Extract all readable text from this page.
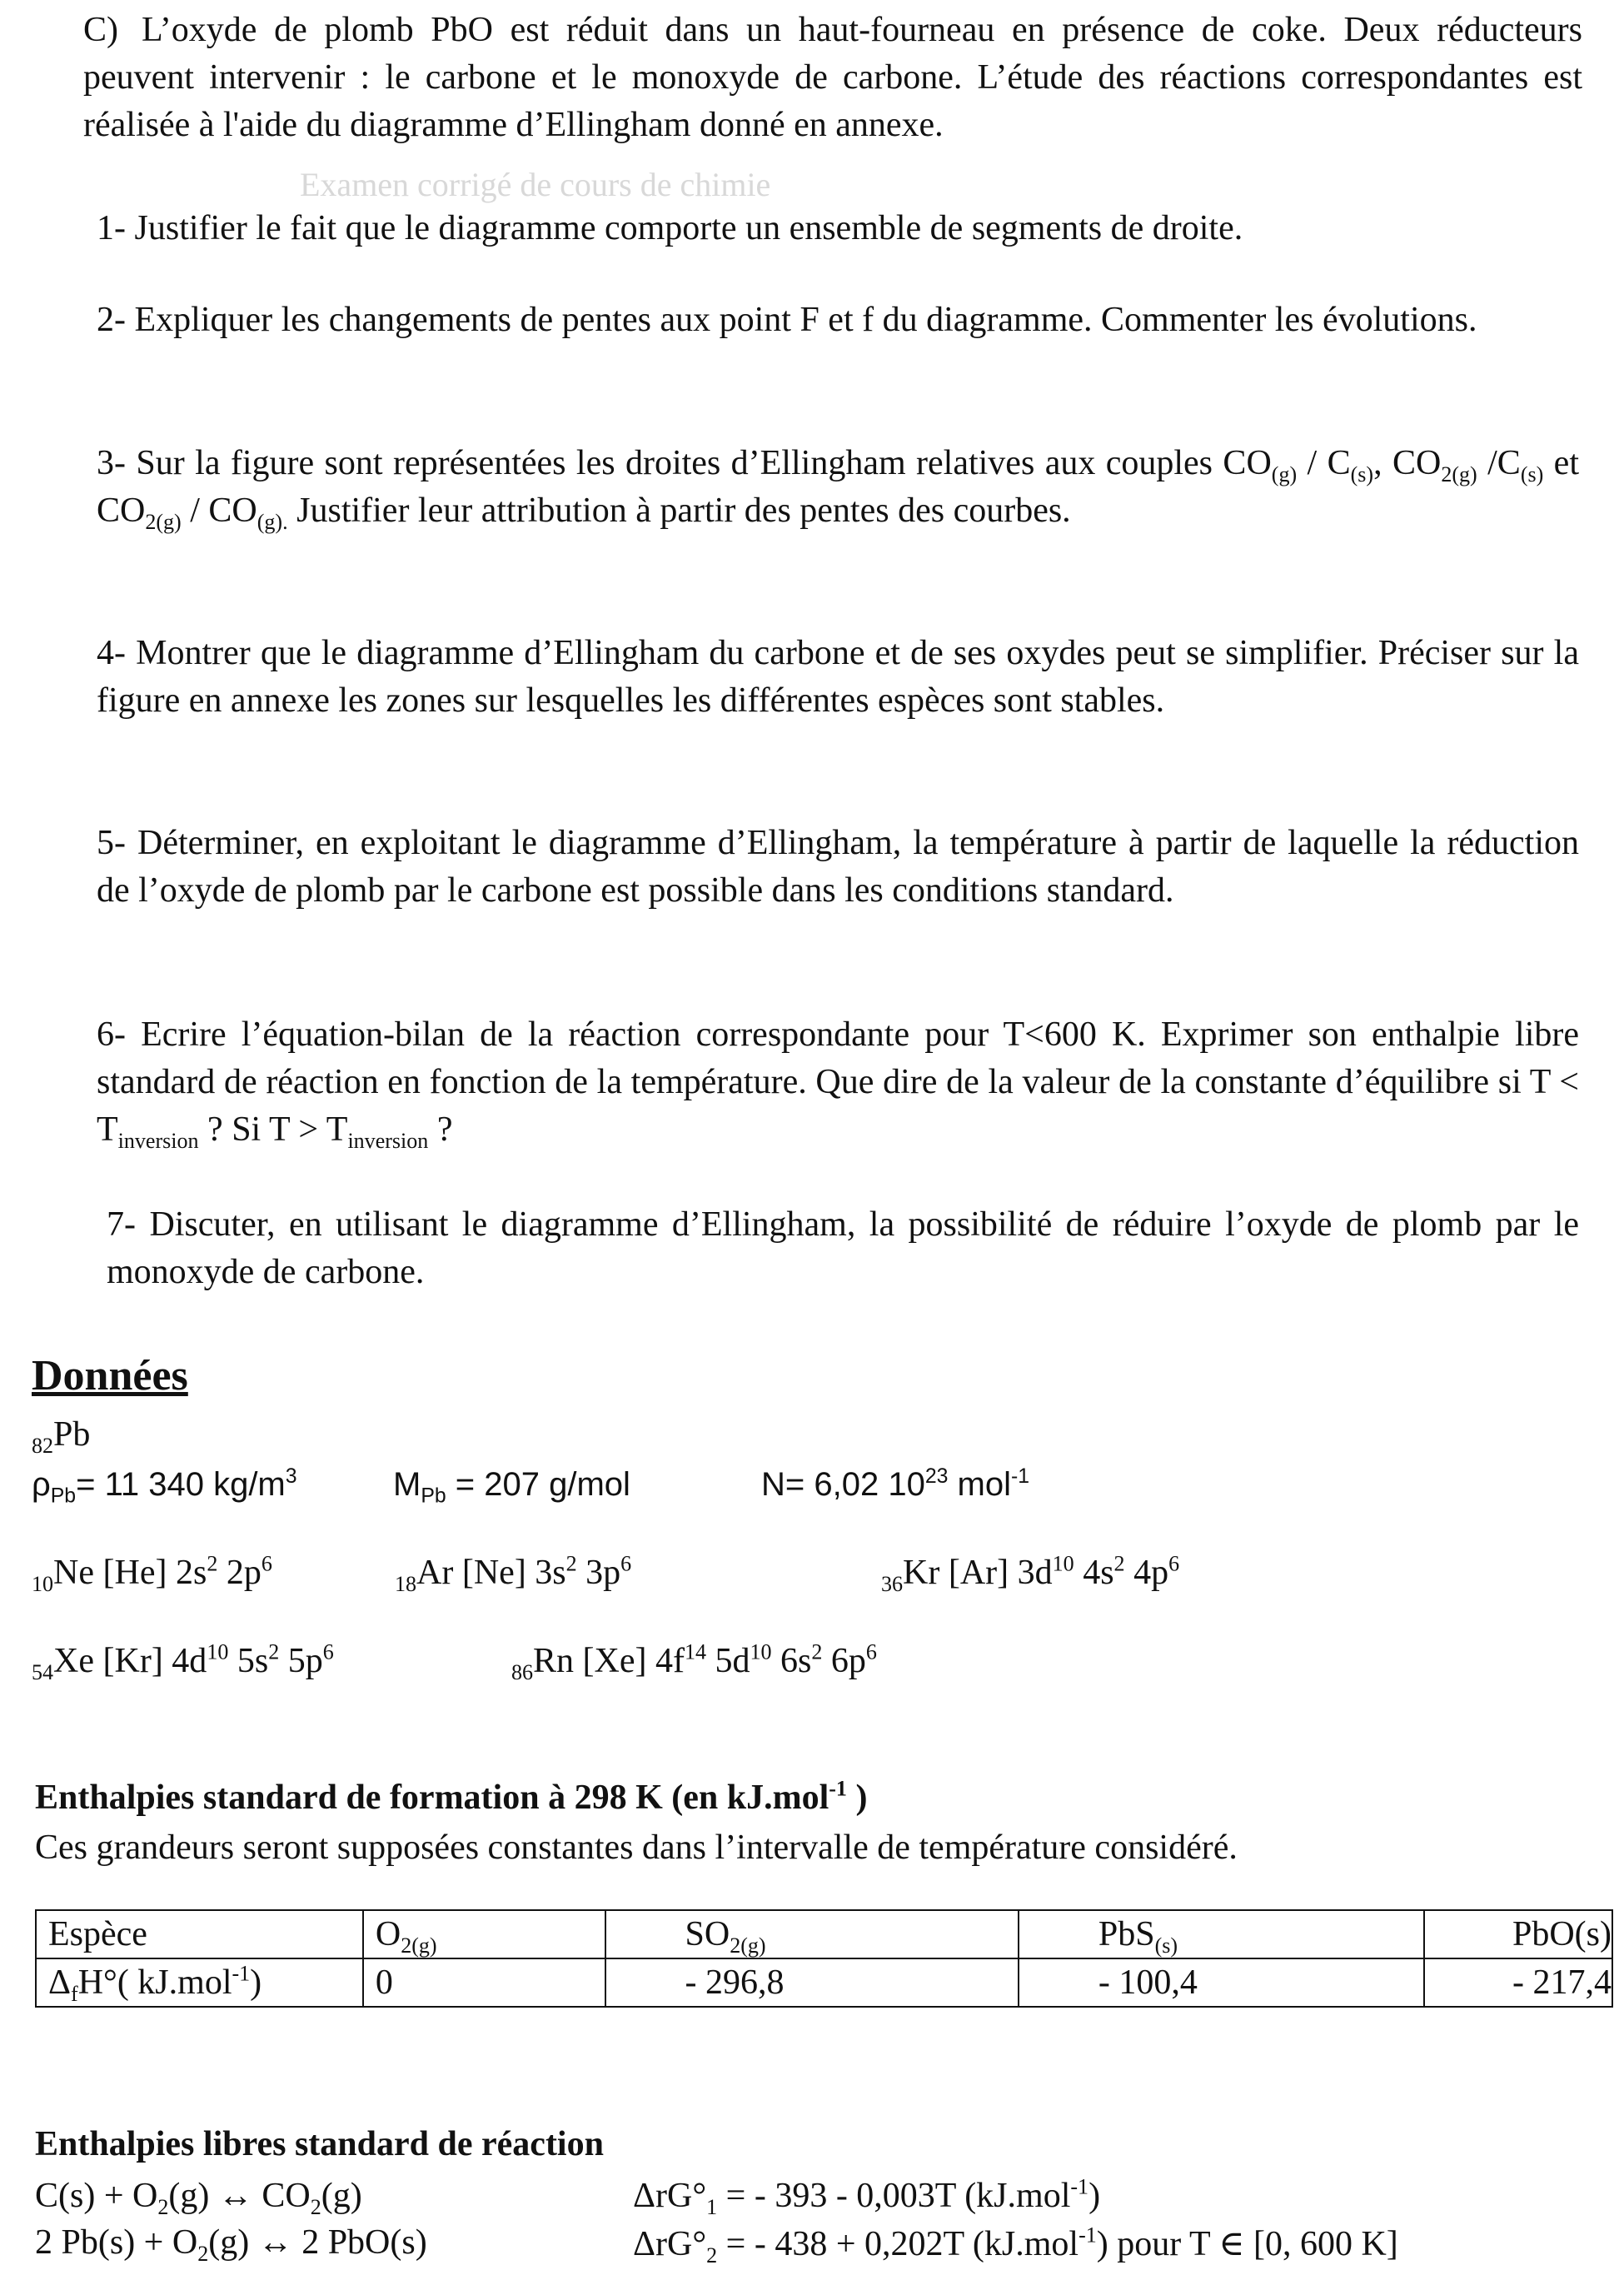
Examen corrigé de cours de chimie
C) L’oxyde de plomb PbO est réduit dans un haut-fourneau en présence de coke. Deux réducteurs peuvent intervenir : le carbone et le monoxyde de carbone. L’étude des réactions correspondantes est réalisée à l'aide du diagramme d’Ellingham donné en annexe.
1- Justifier le fait que le diagramme comporte un ensemble de segments de droite.
2- Expliquer les changements de pentes aux point F et f du diagramme. Commenter les évolutions.
3- Sur la figure sont représentées les droites d’Ellingham relatives aux couples $CO_{(g)} / C_{(s)}$, $CO_{2(g)}$ $/C_{(s)}$ et $CO_{2(g)} / CO_{(g).}$ Justifier leur attribution à partir des pentes des courbes.
4- Montrer que le diagramme d’Ellingham du carbone et de ses oxydes peut se simplifier. Préciser sur la figure en annexe les zones sur lesquelles les différentes espèces sont stables.
5- Déterminer, en exploitant le diagramme d’Ellingham, la température à partir de laquelle la réduction de l’oxyde de plomb par le carbone est possible dans les conditions standard.
6- Ecrire l’équation-bilan de la réaction correspondante pour T<600 K. Exprimer son enthalpie libre standard de réaction en fonction de la température. Que dire de la valeur de la constante d’équilibre si $T < T_{inversion}$ ? Si $T > T_{inversion}$ ?
7- Discuter, en utilisant le diagramme d’Ellingham, la possibilité de réduire l’oxyde de plomb par le monoxyde de carbone.
Données
$_{82}$Pb
$\rho_{Pb}= 11$ 340 $kg/m^3$	$M_{Pb} = 207$ g/mol	N= 6,02 $10^{23}$ mol$^{-1}$
$_{10}$Ne [He] $2s^2$ $2p^6$
$_{18}$Ar [Ne] $3s^2$ $3p^6$
$_{36}$Kr [Ar] $3d^{10}$ $4s^2$ $4p^6$
$_{54}$Xe [Kr] $4d^{10}$ $5s^2$ $5p^6$
$_{86}$Rn [Xe] $4f^{14}$ $5d^{10}$ $6s^2$ $6p^6$
Enthalpies standard de formation à 298 K (en kJ.mol$^{-1}$ )
Ces grandeurs seront supposées constantes dans l’intervalle de température considéré.
Espèce	$O_{2(g)}$	$SO_{2(g)}$	PbS$_{(s)}$	PbO(s)
$\Delta_fH^\circ$( kJ.mol$^{-1}$)	0	- 296,8	- 100,4	- 217,4
Enthalpies libres standard de réaction
$C(s) + O_2(g)$ ↔ $CO_2(g)$	$\Delta rG^\circ_1$ = - 393 - 0,003T (kJ.mol$^{-1}$)
2 $Pb(s) + O_2(g)$ ↔ 2 PbO(s)	$\Delta rG^\circ_2$ = - 438 + 0,202T (kJ.mol$^{-1}$) pour T ∈ [0, 600 K]
